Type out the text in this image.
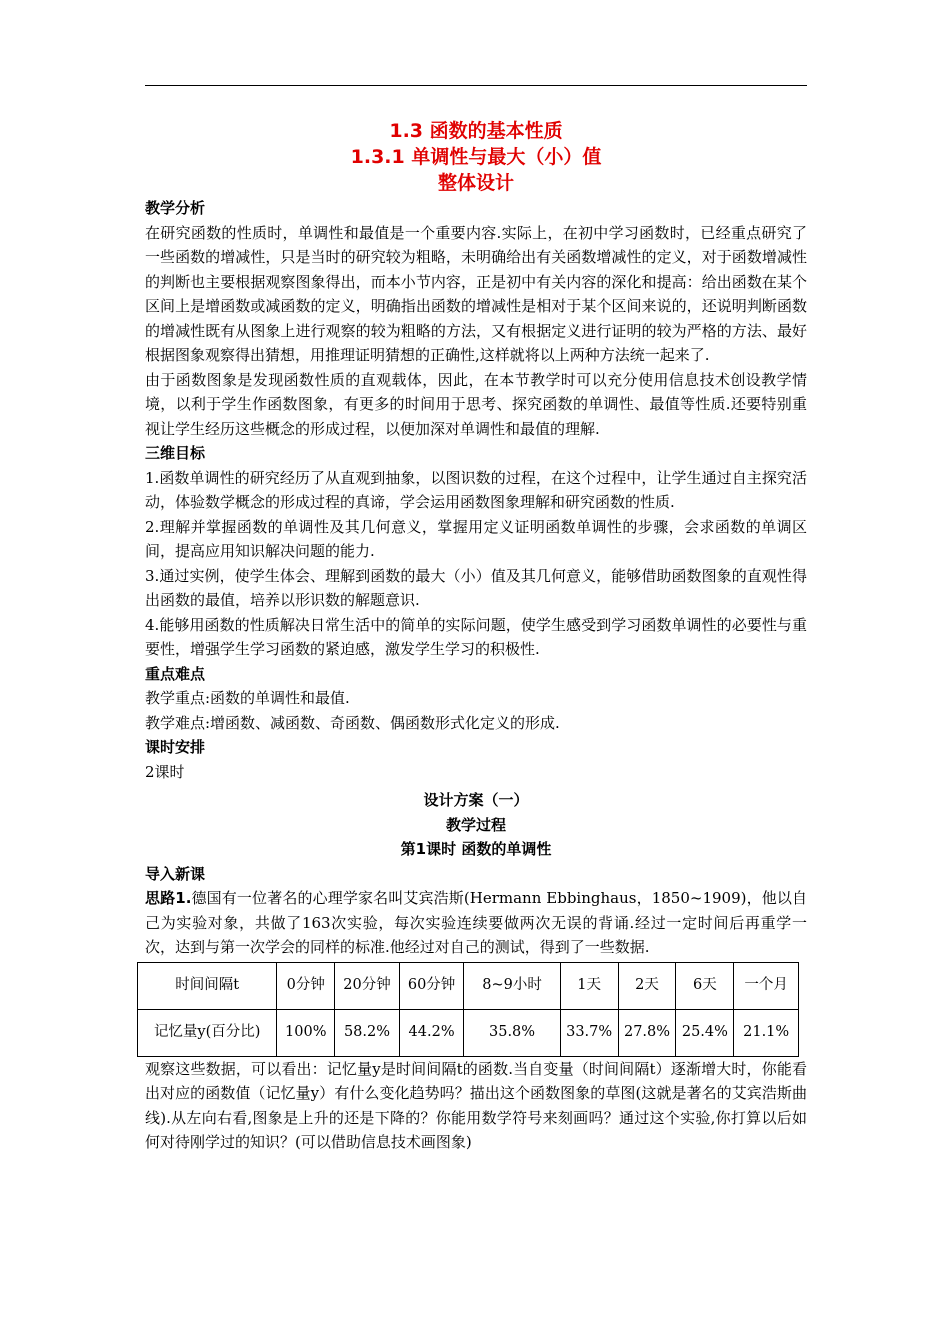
1.3 函数的基本性质
1.3.1 单调性与最大（小）值
整体设计
教学分析

在研究函数的性质时，单调性和最值是一个重要内容.实际上，在初中学习函数时，已经重点研究了一些函数的增减性，只是当时的研究较为粗略，未明确给出有关函数增减性的定义，对于函数增减性的判断也主要根据观察图象得出，而本小节内容，正是初中有关内容的深化和提高：给出函数在某个区间上是增函数或减函数的定义，明确指出函数的增减性是相对于某个区间来说的，还说明判断函数的增减性既有从图象上进行观察的较为粗略的方法，又有根据定义进行证明的较为严格的方法、最好根据图象观察得出猜想，用推理证明猜想的正确性,这样就将以上两种方法统一起来了.

由于函数图象是发现函数性质的直观载体，因此，在本节教学时可以充分使用信息技术创设教学情境，以利于学生作函数图象，有更多的时间用于思考、探究函数的单调性、最值等性质.还要特别重视让学生经历这些概念的形成过程，以便加深对单调性和最值的理解.

三维目标

1.函数单调性的研究经历了从直观到抽象，以图识数的过程，在这个过程中，让学生通过自主探究活动，体验数学概念的形成过程的真谛，学会运用函数图象理解和研究函数的性质.

2.理解并掌握函数的单调性及其几何意义，掌握用定义证明函数单调性的步骤，会求函数的单调区间，提高应用知识解决问题的能力.

3.通过实例，使学生体会、理解到函数的最大（小）值及其几何意义，能够借助函数图象的直观性得出函数的最值，培养以形识数的解题意识.

4.能够用函数的性质解决日常生活中的简单的实际问题，使学生感受到学习函数单调性的必要性与重要性，增强学生学习函数的紧迫感，激发学生学习的积极性.

重点难点

教学重点:函数的单调性和最值.

教学难点:增函数、减函数、奇函数、偶函数形式化定义的形成.

课时安排

2课时

设计方案（一）
教学过程
第1课时 函数的单调性
导入新课

思路1.德国有一位著名的心理学家名叫艾宾浩斯(Hermann Ebbinghaus，1850~1909)，他以自己为实验对象，共做了163次实验，每次实验连续要做两次无误的背诵.经过一定时间后再重学一次，达到与第一次学会的同样的标准.他经过对自己的测试，得到了一些数据.

时间间隔t	0分钟	20分钟	60分钟	8~9小时	1天	2天	6天	一个月
记忆量y(百分比)	100%	58.2%	44.2%	35.8%	33.7%	27.8%	25.4%	21.1%

观察这些数据，可以看出：记忆量y是时间间隔t的函数.当自变量（时间间隔t）逐渐增大时，你能看出对应的函数值（记忆量y）有什么变化趋势吗？描出这个函数图象的草图(这就是著名的艾宾浩斯曲线).从左向右看,图象是上升的还是下降的？你能用数学符号来刻画吗？通过这个实验,你打算以后如何对待刚学过的知识？(可以借助信息技术画图象)
